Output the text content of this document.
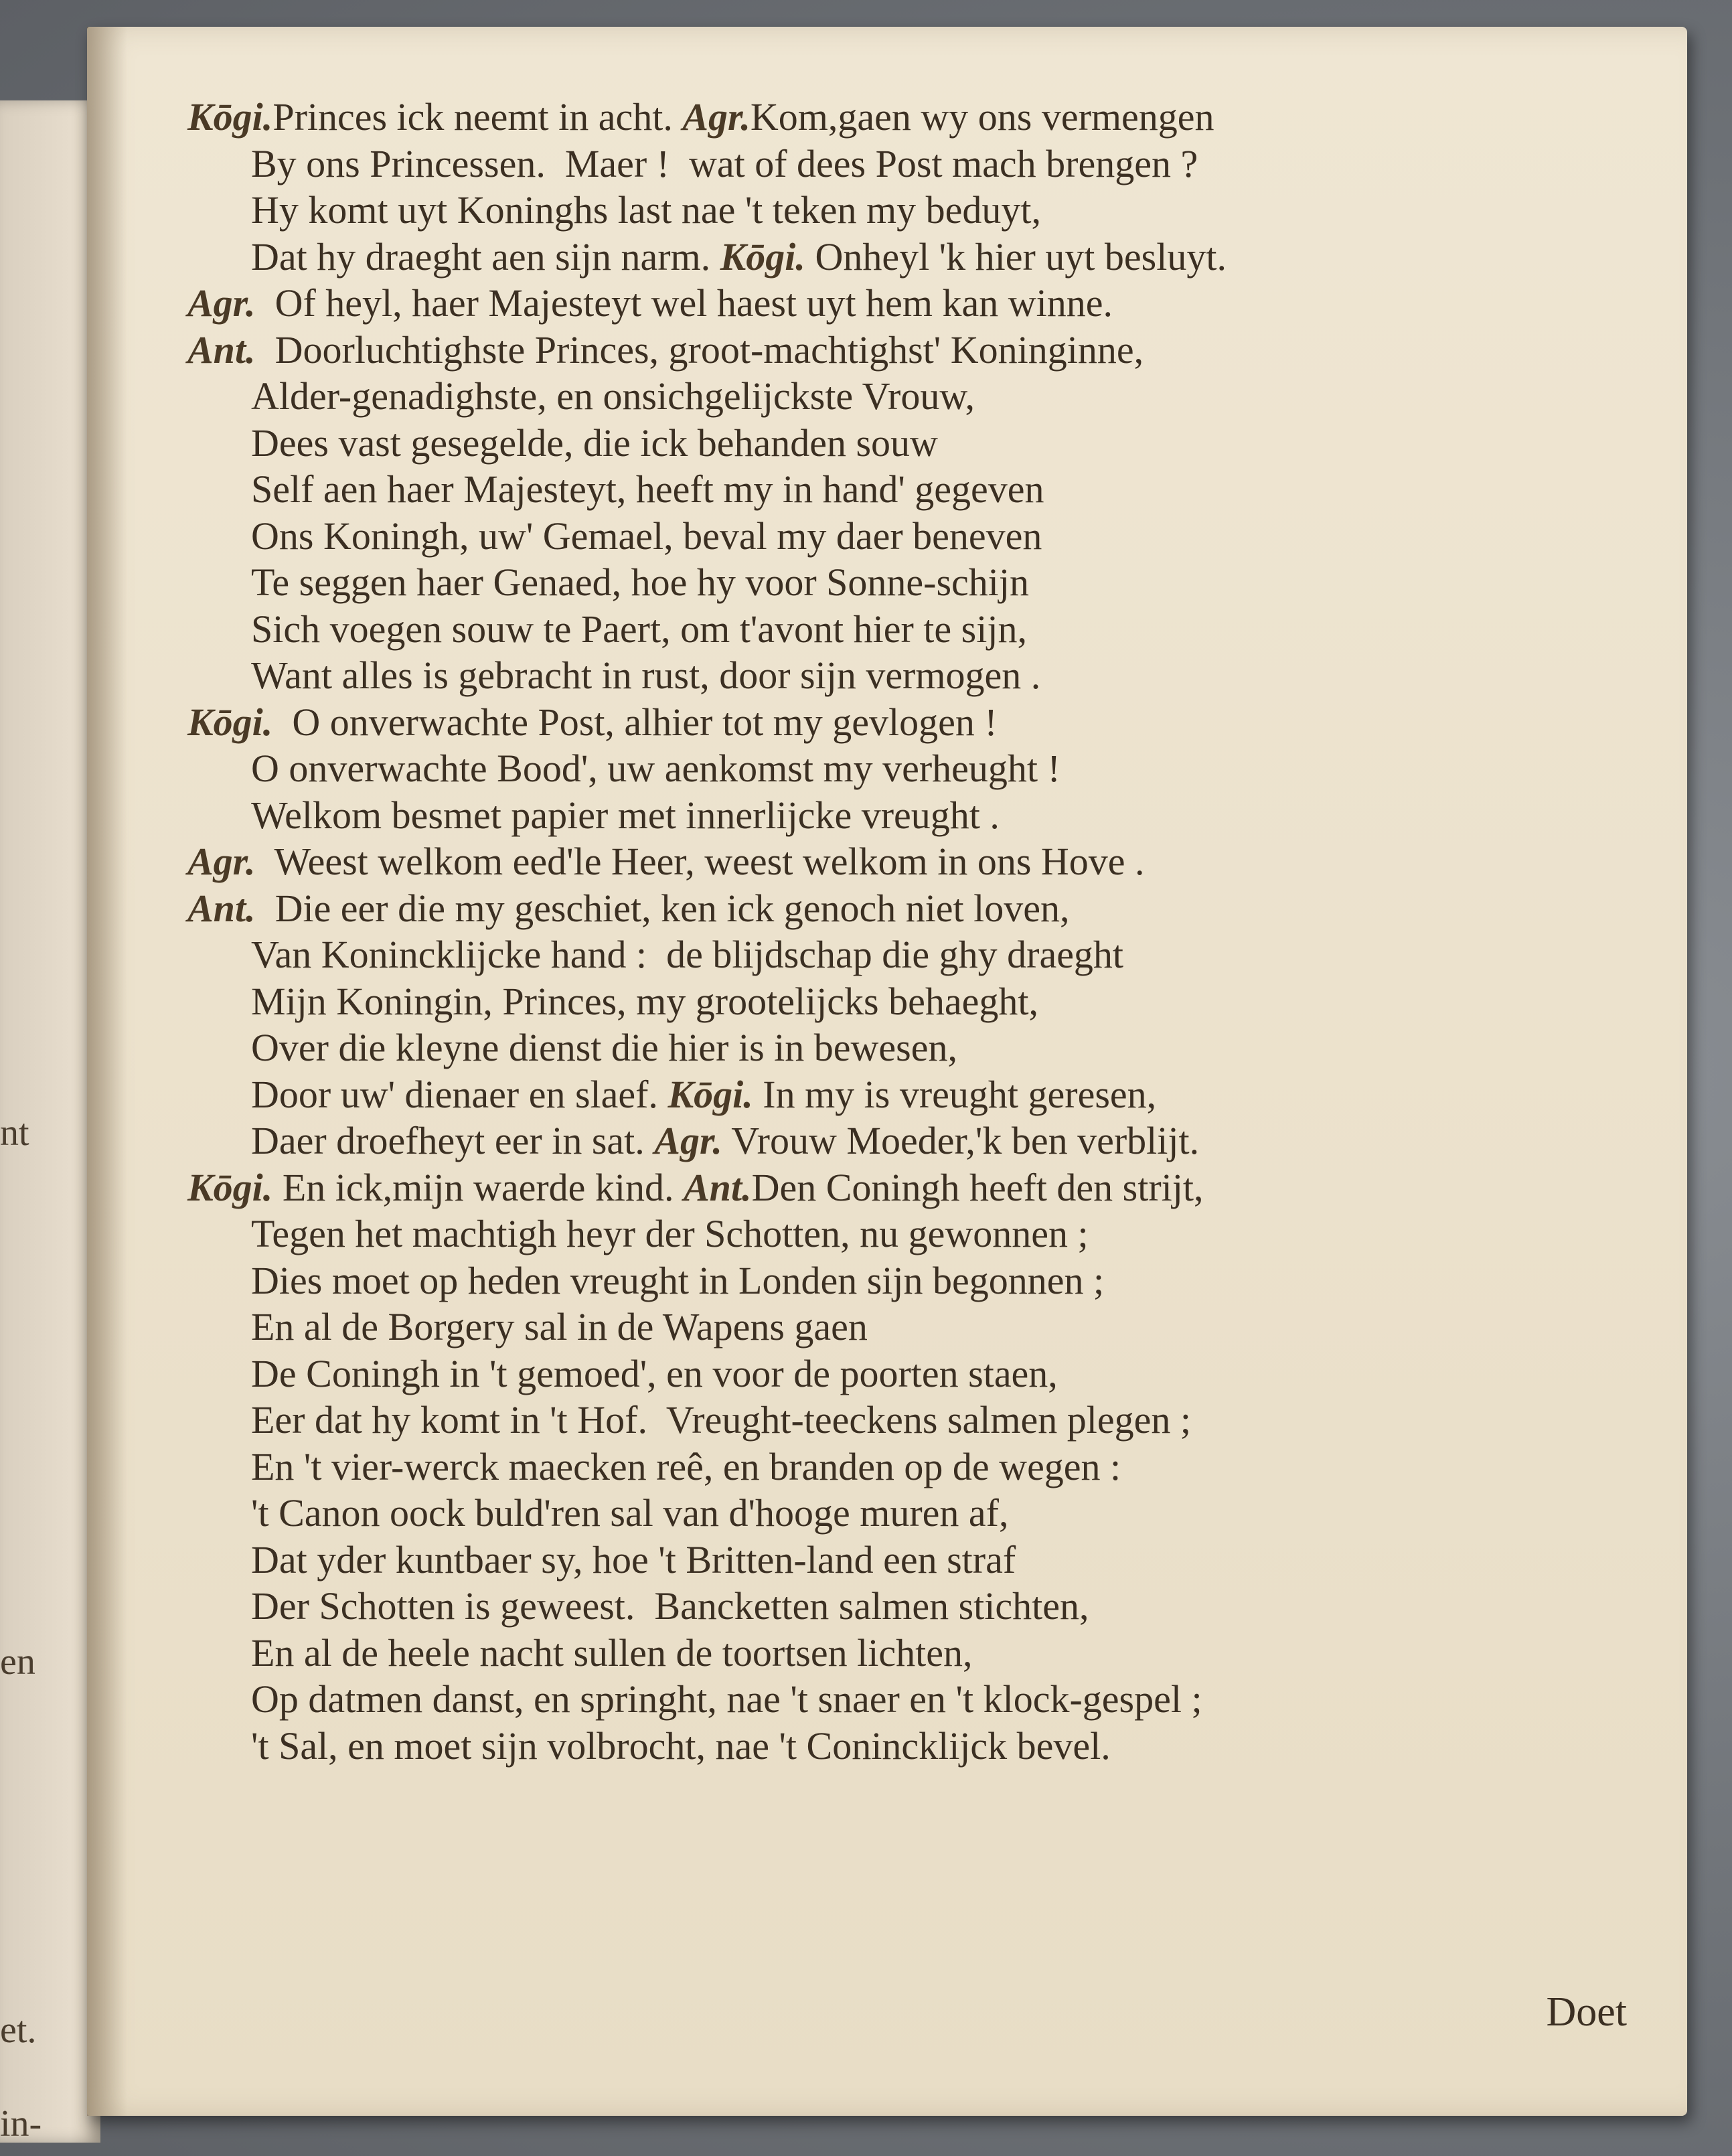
nt
en
et.
in-
Kōgi.Princes ick neemt in acht. Agr.Kom,gaen wy ons vermengen
By ons Princessen.  Maer !  wat of dees Post mach brengen ?
Hy komt uyt Koninghs last nae 't teken my beduyt,
Dat hy draeght aen sijn narm. Kōgi. Onheyl 'k hier uyt besluyt.
Agr.  Of heyl, haer Majesteyt wel haest uyt hem kan winne.
Ant.  Doorluchtighste Princes, groot-machtighst' Koninginne,
Alder-genadighste, en onsichgelijckste Vrouw,
Dees vast gesegelde, die ick behanden souw
Self aen haer Majesteyt, heeft my in hand' gegeven
Ons Koningh, uw' Gemael, beval my daer beneven
Te seggen haer Genaed, hoe hy voor Sonne-schijn
Sich voegen souw te Paert, om t'avont hier te sijn,
Want alles is gebracht in rust, door sijn vermogen .
Kōgi.  O onverwachte Post, alhier tot my gevlogen !
O onverwachte Bood', uw aenkomst my verheught !
Welkom besmet papier met innerlijcke vreught .
Agr.  Weest welkom eed'le Heer, weest welkom in ons Hove .
Ant.  Die eer die my geschiet, ken ick genoch niet loven,
Van Konincklijcke hand :  de blijdschap die ghy draeght
Mijn Koningin, Princes, my grootelijcks behaeght,
Over die kleyne dienst die hier is in bewesen,
Door uw' dienaer en slaef. Kōgi. In my is vreught geresen,
Daer droefheyt eer in sat. Agr. Vrouw Moeder,'k ben verblijt.
Kōgi. En ick,mijn waerde kind. Ant.Den Coningh heeft den strijt,
Tegen het machtigh heyr der Schotten, nu gewonnen ;
Dies moet op heden vreught in Londen sijn begonnen ;
En al de Borgery sal in de Wapens gaen
De Coningh in 't gemoed', en voor de poorten staen,
Eer dat hy komt in 't Hof.  Vreught-teeckens salmen plegen ;
En 't vier-werck maecken reê, en branden op de wegen :
't Canon oock buld'ren sal van d'hooge muren af,
Dat yder kuntbaer sy, hoe 't Britten-land een straf
Der Schotten is geweest.  Bancketten salmen stichten,
En al de heele nacht sullen de toortsen lichten,
Op datmen danst, en springht, nae 't snaer en 't klock-gespel ;
't Sal, en moet sijn volbrocht, nae 't Conincklijck bevel.
Doet
